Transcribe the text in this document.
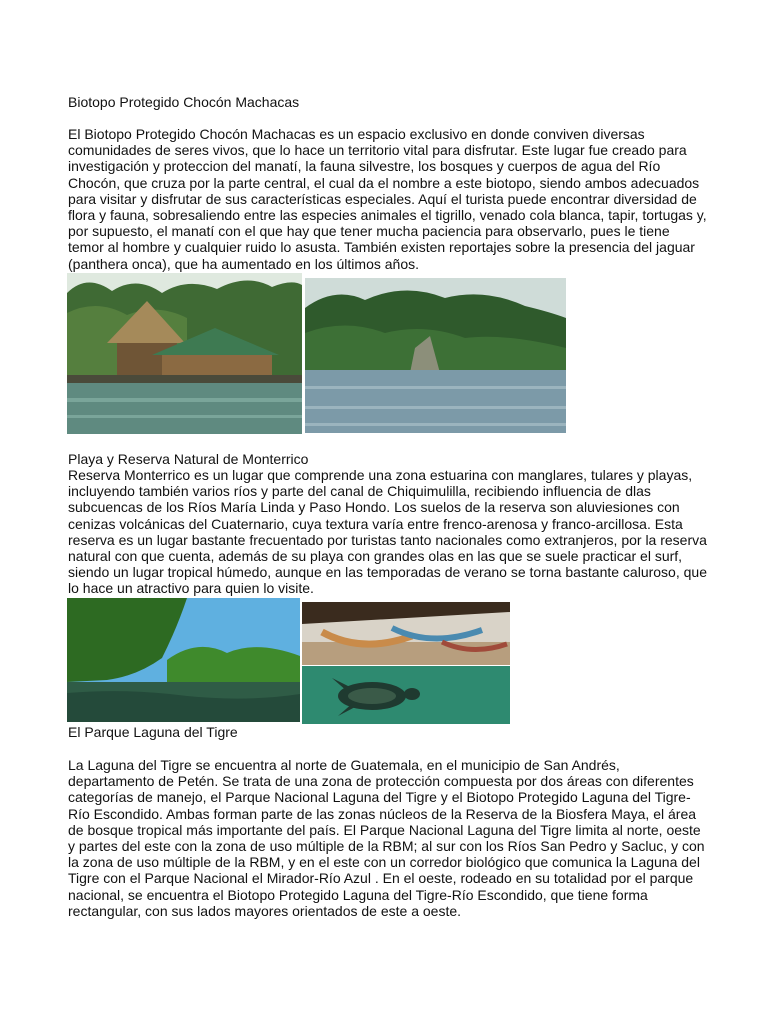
Biotopo Protegido Chocón Machacas
El Biotopo Protegido Chocón Machacas es un espacio exclusivo en donde conviven diversas comunidades de seres vivos, que lo hace un territorio vital para disfrutar. Este lugar fue creado para investigación y proteccion del manatí, la fauna silvestre, los bosques y cuerpos de agua del Río Chocón, que cruza por la parte central, el cual da el nombre a este biotopo, siendo ambos adecuados para visitar y disfrutar de sus características especiales. Aquí el turista puede encontrar diversidad de flora y fauna, sobresaliendo entre las especies animales el tigrillo, venado cola blanca, tapir, tortugas y, por supuesto, el manatí con el que hay que tener mucha paciencia para observarlo, pues le tiene temor al hombre y cualquier ruido lo asusta. También existen reportajes sobre la presencia del jaguar (panthera onca), que ha aumentado en los últimos años.
Playa y Reserva Natural de Monterrico
Reserva Monterrico es un lugar que comprende una zona estuarina con manglares, tulares y playas, incluyendo también varios ríos y parte del canal de Chiquimulilla, recibiendo influencia de dlas subcuencas de los Ríos María Linda y Paso Hondo. Los suelos de la reserva son aluviesiones con cenizas volcánicas del Cuaternario, cuya textura varía entre frenco-arenosa y franco-arcillosa. Esta reserva es un lugar bastante frecuentado por turistas tanto nacionales como extranjeros, por la reserva natural con que cuenta, además de su playa con grandes olas en las que se suele practicar el surf, siendo un lugar tropical húmedo, aunque en las temporadas de verano se torna bastante caluroso, que lo hace un atractivo para quien lo visite.
El Parque Laguna del Tigre
La Laguna del Tigre se encuentra al norte de Guatemala, en el municipio de San Andrés, departamento de Petén. Se trata de una zona de protección compuesta por dos áreas con diferentes categorías de manejo, el Parque Nacional Laguna del Tigre y el Biotopo Protegido Laguna del Tigre-Río Escondido. Ambas forman parte de las zonas núcleos de la Reserva de la Biosfera Maya, el área de bosque tropical más importante del país. El Parque Nacional Laguna del Tigre limita al norte, oeste y partes del este con la zona de uso múltiple de la RBM; al sur con los Ríos San Pedro y Sacluc, y con la zona de uso múltiple de la RBM, y en el este con un corredor biológico que comunica la Laguna del Tigre con el Parque Nacional el Mirador-Río Azul . En el oeste, rodeado en su totalidad por el parque nacional, se encuentra el Biotopo Protegido Laguna del Tigre-Río Escondido, que tiene forma rectangular, con sus lados mayores orientados de este a oeste.
